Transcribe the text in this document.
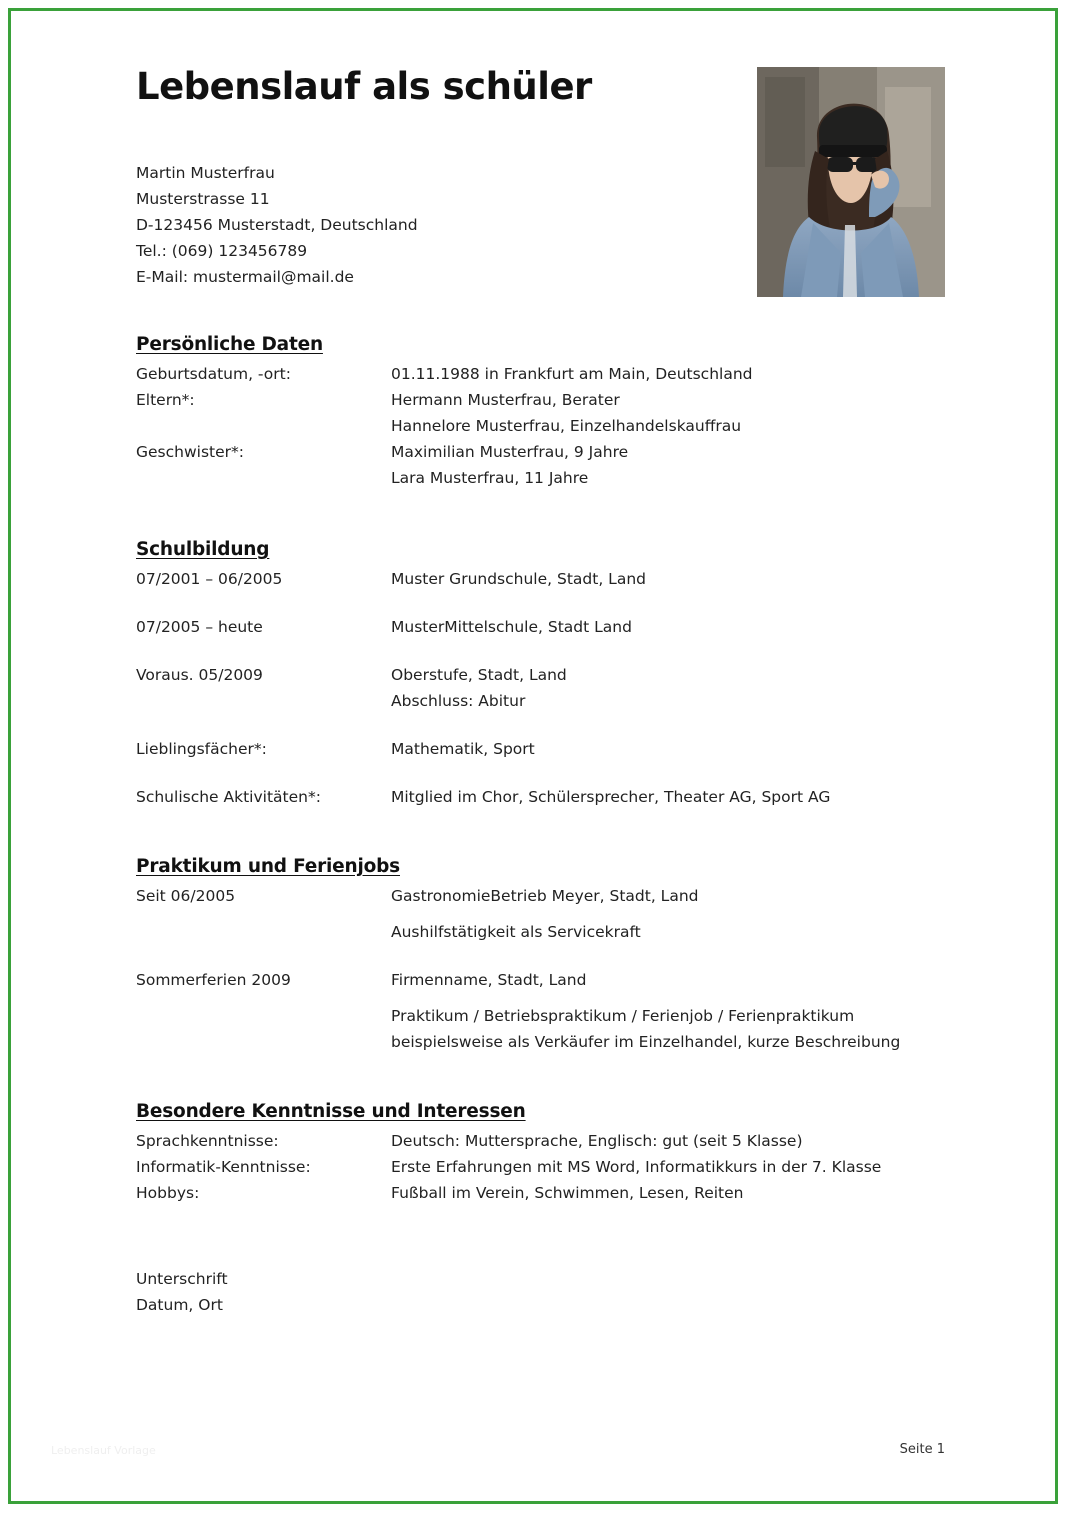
Lebenslauf als schüler
Martin Musterfrau
Musterstrasse 11
D-123456 Musterstadt, Deutschland
Tel.: (069) 123456789
E-Mail: mustermail@mail.de
Persönliche Daten
Geburtsdatum, -ort:	01.11.1988 in Frankfurt am Main, Deutschland
Eltern*:	Hermann Musterfrau, Berater
Hannelore Musterfrau, Einzelhandelskauffrau
Geschwister*:	Maximilian Musterfrau, 9 Jahre
Lara Musterfrau, 11 Jahre
Schulbildung
07/2001 – 06/2005	Muster Grundschule, Stadt, Land
07/2005 – heute	MusterMittelschule, Stadt Land
Voraus. 05/2009	Oberstufe, Stadt, Land
Abschluss: Abitur
Lieblingsfächer*:	Mathematik, Sport
Schulische Aktivitäten*:	Mitglied im Chor, Schülersprecher, Theater AG, Sport AG
Praktikum und Ferienjobs
Seit 06/2005	GastronomieBetrieb Meyer, Stadt, Land
Aushilfstätigkeit als Servicekraft
Sommerferien 2009	Firmenname, Stadt, Land
Praktikum / Betriebspraktikum / Ferienjob / Ferienpraktikum
beispielsweise als Verkäufer im Einzelhandel, kurze Beschreibung
Besondere Kenntnisse und Interessen
Sprachkenntnisse:	Deutsch: Muttersprache, Englisch: gut (seit 5 Klasse)
Informatik-Kenntnisse:	Erste Erfahrungen mit MS Word, Informatikkurs in der 7. Klasse
Hobbys:	Fußball im Verein, Schwimmen, Lesen, Reiten
Unterschrift
Datum, Ort
Lebenslauf Vorlage	Seite 1
